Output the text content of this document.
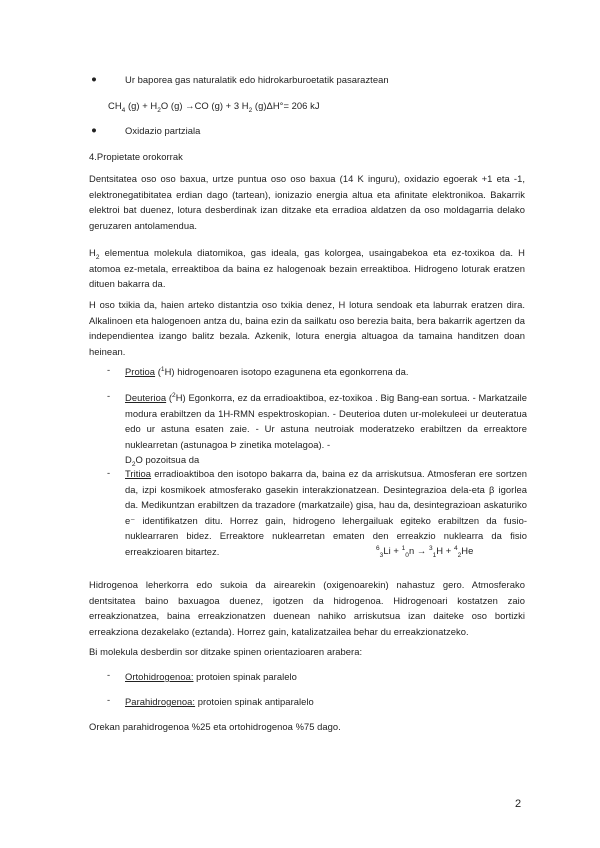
●	Ur baporea gas naturalatik edo hidrokarburoetatik pasaraztean

$CH_4$ $(g) + H_2O$ (g) →CO (g) + 3 $H_2$ (g)ΔH°= 206 kJ

●	Oxidazio partziala

4.Propietate orokorrak

Dentsitatea oso oso baxua, urtze puntua oso oso baxua (14 K inguru), oxidazio egoerak +1 eta -1, elektronegatibitatea erdian dago (tartean), ionizazio energia altua eta afinitate elektronikoa. Bakarrik elektroi bat duenez, lotura desberdinak izan ditzake eta erradioa aldatzen da oso moldagarria delako geruzaren antolamendua.

$H_2$ elementua molekula diatomikoa, gas ideala, gas kolorgea, usaingabekoa eta ez-toxikoa da. H atomoa ez-metala, erreaktiboa da baina ez halogenoak bezain erreaktiboa. Hidrogeno loturak eratzen dituen bakarra da.

H oso txikia da, haien arteko distantzia oso txikia denez, H lotura sendoak eta laburrak eratzen dira. Alkalinoen eta halogenoen antza du, baina ezin da sailkatu oso berezia baita, bera bakarrik agertzen da independientea izango balitz bezala. Azkenik, lotura energia altuagoa da tamaina handitzen doan heinean.

-	Protioa ($^1$H) hidrogenoaren isotopo ezagunena eta egonkorrena da.

-	Deuterioa ($^2$H) Egonkorra, ez da erradioaktiboa, ez-toxikoa . Big Bang-ean sortua. - Markatzaile modura erabiltzen da 1H-RMN espektroskopian. - Deuterioa duten ur-molekuleei ur deuteratua edo ur astuna esaten zaie. - Ur astuna neutroiak moderatzeko erabiltzen da erreaktore nuklearretan (astunagoa Þ zinetika motelagoa). -
$D_2O$ pozoitsua da

-	Tritioa erradioaktiboa den isotopo bakarra da, baina ez da arriskutsua. Atmosferan ere sortzen da, izpi kosmikoek atmosferako gasekin interakzionatzean. Desintegrazioa dela-eta β igorlea da. Medikuntzan erabiltzen da trazadore (markatzaile) gisa, hau da, desintegrazioan askaturiko e⁻ identifikatzen ditu. Horrez gain, hidrogeno lehergailuak egiteko erabiltzen da fusio-nuklearraren bidez. Erreaktore nuklearretan ematen den erreakzio nuklearra da fisio erreakzioaren bitartez.	$^6_3$Li + $^1_0$n → $^3_1$H + $^4_2$He

Hidrogenoa leherkorra edo sukoia da airearekin (oxigenoarekin) nahastuz gero. Atmosferako dentsitatea baino baxuagoa duenez, igotzen da hidrogenoa. Hidrogenoari kostatzen zaio erreakzionatzea, baina erreakzionatzen duenean nahiko arriskutsua izan daiteke oso bortizki erreakziona dezakelako (eztanda). Horrez gain, katalizatzailea behar du erreakzionatzeko.

Bi molekula desberdin sor ditzake spinen orientazioaren arabera:

-	Ortohidrogenoa: protoien spinak paralelo

-	Parahidrogenoa: protoien spinak antiparalelo

Orekan parahidrogenoa %25 eta ortohidrogenoa %75 dago.

2
